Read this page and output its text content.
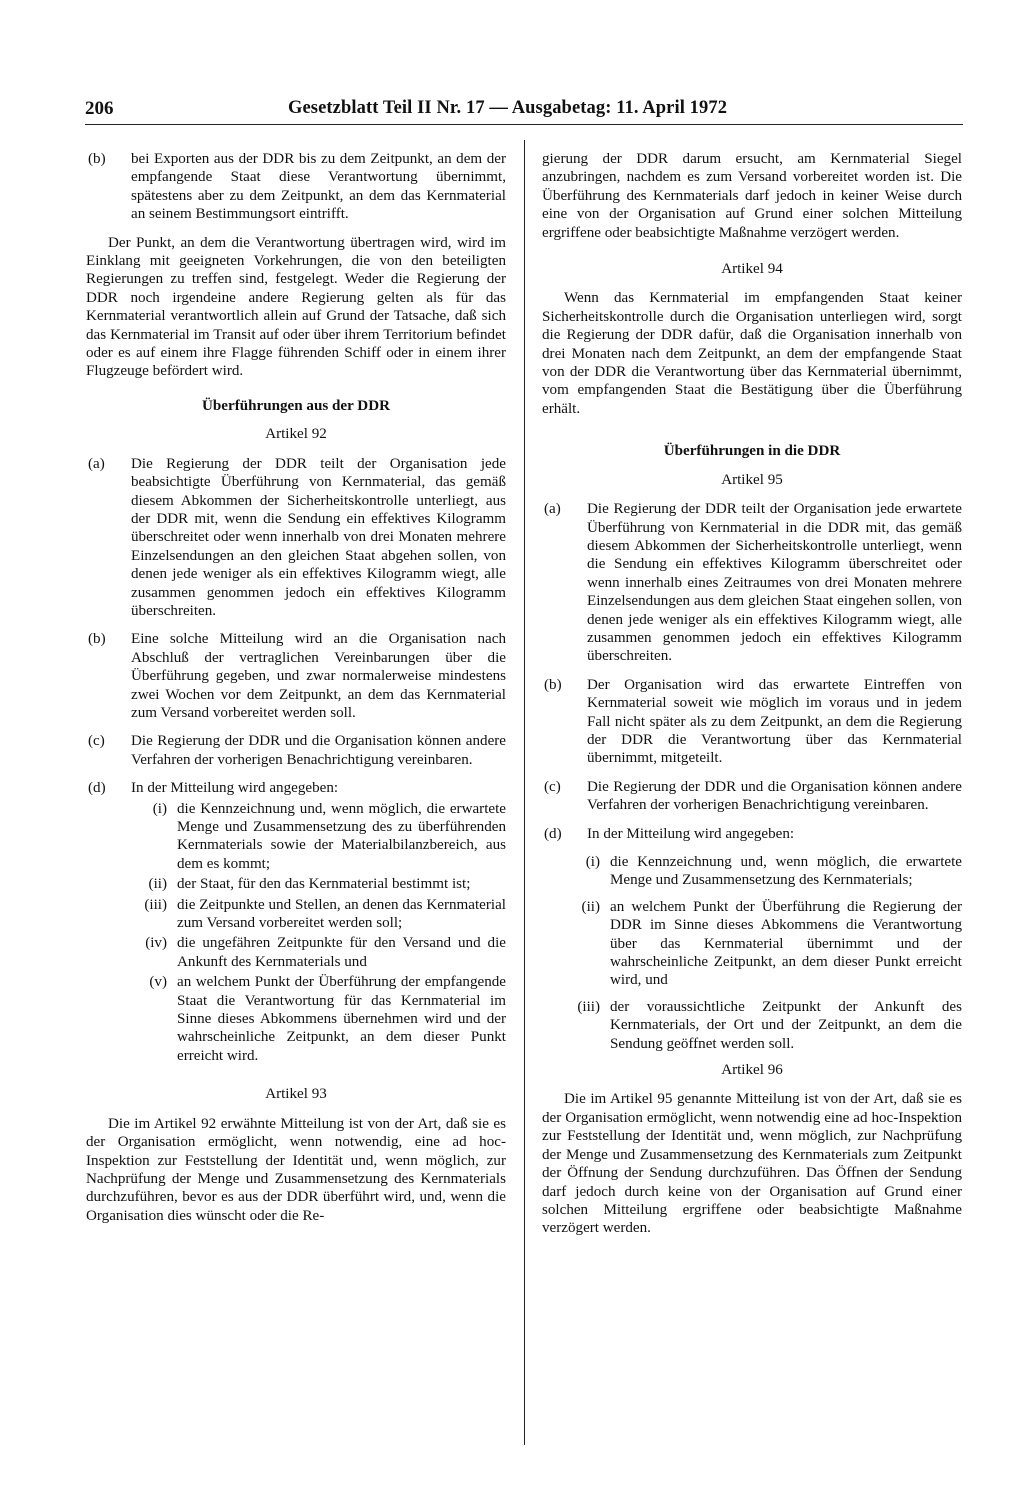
206	Gesetzblatt Teil II Nr. 17 — Ausgabetag: 11. April 1972
(b) bei Exporten aus der DDR bis zu dem Zeitpunkt, an dem der empfangende Staat diese Verantwortung übernimmt, spätestens aber zu dem Zeitpunkt, an dem das Kernmaterial an seinem Bestimmungsort eintrifft.

Der Punkt, an dem die Verantwortung übertragen wird, wird im Einklang mit geeigneten Vorkehrungen, die von den beteiligten Regierungen zu treffen sind, festgelegt. Weder die Regierung der DDR noch irgendeine andere Regierung gelten als für das Kernmaterial verantwortlich allein auf Grund der Tatsache, daß sich das Kernmaterial im Transit auf oder über ihrem Territorium befindet oder es auf einem ihre Flagge führenden Schiff oder in einem ihrer Flugzeuge befördert wird.

Überführungen aus der DDR

Artikel 92

(a) Die Regierung der DDR teilt der Organisation jede beabsichtigte Überführung von Kernmaterial, das gemäß diesem Abkommen der Sicherheitskontrolle unterliegt, aus der DDR mit, wenn die Sendung ein effektives Kilogramm überschreitet oder wenn innerhalb von drei Monaten mehrere Einzelsendungen an den gleichen Staat abgehen sollen, von denen jede weniger als ein effektives Kilogramm wiegt, alle zusammen genommen jedoch ein effektives Kilogramm überschreiten.
(b) Eine solche Mitteilung wird an die Organisation nach Abschluß der vertraglichen Vereinbarungen über die Überführung gegeben, und zwar normalerweise mindestens zwei Wochen vor dem Zeitpunkt, an dem das Kernmaterial zum Versand vorbereitet werden soll.
(c) Die Regierung der DDR und die Organisation können andere Verfahren der vorherigen Benachrichtigung vereinbaren.
(d) In der Mitteilung wird angegeben:
(i) die Kennzeichnung und, wenn möglich, die erwartete Menge und Zusammensetzung des zu überführenden Kernmaterials sowie der Materialbilanzbereich, aus dem es kommt;
(ii) der Staat, für den das Kernmaterial bestimmt ist;
(iii) die Zeitpunkte und Stellen, an denen das Kernmaterial zum Versand vorbereitet werden soll;
(iv) die ungefähren Zeitpunkte für den Versand und die Ankunft des Kernmaterials und
(v) an welchem Punkt der Überführung der empfangende Staat die Verantwortung für das Kernmaterial im Sinne dieses Abkommens übernehmen wird und der wahrscheinliche Zeitpunkt, an dem dieser Punkt erreicht wird.

Artikel 93

Die im Artikel 92 erwähnte Mitteilung ist von der Art, daß sie es der Organisation ermöglicht, wenn notwendig, eine ad hoc-Inspektion zur Feststellung der Identität und, wenn möglich, zur Nachprüfung der Menge und Zusammensetzung des Kernmaterials durchzuführen, bevor es aus der DDR überführt wird, und, wenn die Organisation dies wünscht oder die Re-

gierung der DDR darum ersucht, am Kernmaterial Siegel anzubringen, nachdem es zum Versand vorbereitet worden ist. Die Überführung des Kernmaterials darf jedoch in keiner Weise durch eine von der Organisation auf Grund einer solchen Mitteilung ergriffene oder beabsichtigte Maßnahme verzögert werden.

Artikel 94

Wenn das Kernmaterial im empfangenden Staat keiner Sicherheitskontrolle durch die Organisation unterliegen wird, sorgt die Regierung der DDR dafür, daß die Organisation innerhalb von drei Monaten nach dem Zeitpunkt, an dem der empfangende Staat von der DDR die Verantwortung über das Kernmaterial übernimmt, vom empfangenden Staat die Bestätigung über die Überführung erhält.

Überführungen in die DDR

Artikel 95

(a) Die Regierung der DDR teilt der Organisation jede erwartete Überführung von Kernmaterial in die DDR mit, das gemäß diesem Abkommen der Sicherheitskontrolle unterliegt, wenn die Sendung ein effektives Kilogramm überschreitet oder wenn innerhalb eines Zeitraumes von drei Monaten mehrere Einzelsendungen aus dem gleichen Staat eingehen sollen, von denen jede weniger als ein effektives Kilogramm wiegt, alle zusammen genommen jedoch ein effektives Kilogramm überschreiten.
(b) Der Organisation wird das erwartete Eintreffen von Kernmaterial soweit wie möglich im voraus und in jedem Fall nicht später als zu dem Zeitpunkt, an dem die Regierung der DDR die Verantwortung über das Kernmaterial übernimmt, mitgeteilt.
(c) Die Regierung der DDR und die Organisation können andere Verfahren der vorherigen Benachrichtigung vereinbaren.
(d) In der Mitteilung wird angegeben:
(i) die Kennzeichnung und, wenn möglich, die erwartete Menge und Zusammensetzung des Kernmaterials;
(ii) an welchem Punkt der Überführung die Regierung der DDR im Sinne dieses Abkommens die Verantwortung über das Kernmaterial übernimmt und der wahrscheinliche Zeitpunkt, an dem dieser Punkt erreicht wird, und
(iii) der voraussichtliche Zeitpunkt der Ankunft des Kernmaterials, der Ort und der Zeitpunkt, an dem die Sendung geöffnet werden soll.

Artikel 96

Die im Artikel 95 genannte Mitteilung ist von der Art, daß sie es der Organisation ermöglicht, wenn notwendig eine ad hoc-Inspektion zur Feststellung der Identität und, wenn möglich, zur Nachprüfung der Menge und Zusammensetzung des Kernmaterials zum Zeitpunkt der Öffnung der Sendung durchzuführen. Das Öffnen der Sendung darf jedoch durch keine von der Organisation auf Grund einer solchen Mitteilung ergriffene oder beabsichtigte Maßnahme verzögert werden.
